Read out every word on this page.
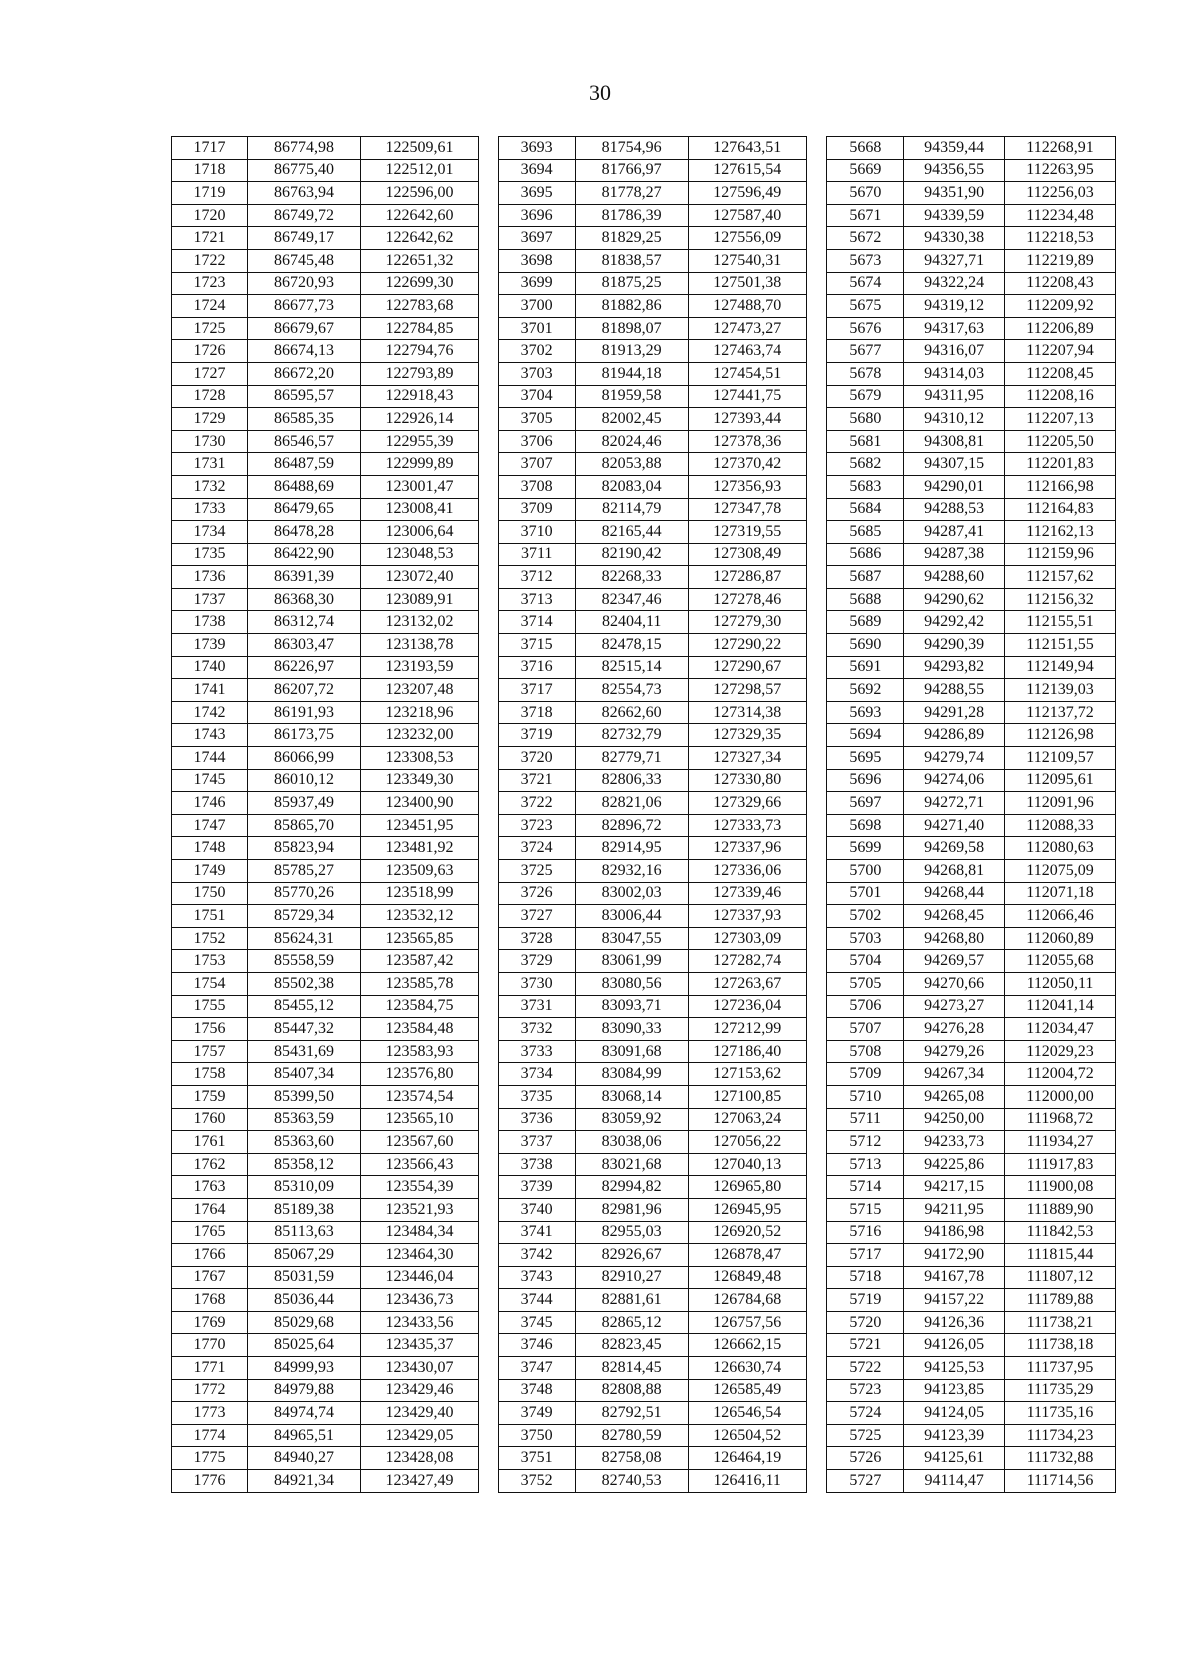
30
1717	86774,98	122509,61		3693	81754,96	127643,51		5668	94359,44	112268,91
1718	86775,40	122512,01		3694	81766,97	127615,54		5669	94356,55	112263,95
1719	86763,94	122596,00		3695	81778,27	127596,49		5670	94351,90	112256,03
1720	86749,72	122642,60		3696	81786,39	127587,40		5671	94339,59	112234,48
1721	86749,17	122642,62		3697	81829,25	127556,09		5672	94330,38	112218,53
1722	86745,48	122651,32		3698	81838,57	127540,31		5673	94327,71	112219,89
1723	86720,93	122699,30		3699	81875,25	127501,38		5674	94322,24	112208,43
1724	86677,73	122783,68		3700	81882,86	127488,70		5675	94319,12	112209,92
1725	86679,67	122784,85		3701	81898,07	127473,27		5676	94317,63	112206,89
1726	86674,13	122794,76		3702	81913,29	127463,74		5677	94316,07	112207,94
1727	86672,20	122793,89		3703	81944,18	127454,51		5678	94314,03	112208,45
1728	86595,57	122918,43		3704	81959,58	127441,75		5679	94311,95	112208,16
1729	86585,35	122926,14		3705	82002,45	127393,44		5680	94310,12	112207,13
1730	86546,57	122955,39		3706	82024,46	127378,36		5681	94308,81	112205,50
1731	86487,59	122999,89		3707	82053,88	127370,42		5682	94307,15	112201,83
1732	86488,69	123001,47		3708	82083,04	127356,93		5683	94290,01	112166,98
1733	86479,65	123008,41		3709	82114,79	127347,78		5684	94288,53	112164,83
1734	86478,28	123006,64		3710	82165,44	127319,55		5685	94287,41	112162,13
1735	86422,90	123048,53		3711	82190,42	127308,49		5686	94287,38	112159,96
1736	86391,39	123072,40		3712	82268,33	127286,87		5687	94288,60	112157,62
1737	86368,30	123089,91		3713	82347,46	127278,46		5688	94290,62	112156,32
1738	86312,74	123132,02		3714	82404,11	127279,30		5689	94292,42	112155,51
1739	86303,47	123138,78		3715	82478,15	127290,22		5690	94290,39	112151,55
1740	86226,97	123193,59		3716	82515,14	127290,67		5691	94293,82	112149,94
1741	86207,72	123207,48		3717	82554,73	127298,57		5692	94288,55	112139,03
1742	86191,93	123218,96		3718	82662,60	127314,38		5693	94291,28	112137,72
1743	86173,75	123232,00		3719	82732,79	127329,35		5694	94286,89	112126,98
1744	86066,99	123308,53		3720	82779,71	127327,34		5695	94279,74	112109,57
1745	86010,12	123349,30		3721	82806,33	127330,80		5696	94274,06	112095,61
1746	85937,49	123400,90		3722	82821,06	127329,66		5697	94272,71	112091,96
1747	85865,70	123451,95		3723	82896,72	127333,73		5698	94271,40	112088,33
1748	85823,94	123481,92		3724	82914,95	127337,96		5699	94269,58	112080,63
1749	85785,27	123509,63		3725	82932,16	127336,06		5700	94268,81	112075,09
1750	85770,26	123518,99		3726	83002,03	127339,46		5701	94268,44	112071,18
1751	85729,34	123532,12		3727	83006,44	127337,93		5702	94268,45	112066,46
1752	85624,31	123565,85		3728	83047,55	127303,09		5703	94268,80	112060,89
1753	85558,59	123587,42		3729	83061,99	127282,74		5704	94269,57	112055,68
1754	85502,38	123585,78		3730	83080,56	127263,67		5705	94270,66	112050,11
1755	85455,12	123584,75		3731	83093,71	127236,04		5706	94273,27	112041,14
1756	85447,32	123584,48		3732	83090,33	127212,99		5707	94276,28	112034,47
1757	85431,69	123583,93		3733	83091,68	127186,40		5708	94279,26	112029,23
1758	85407,34	123576,80		3734	83084,99	127153,62		5709	94267,34	112004,72
1759	85399,50	123574,54		3735	83068,14	127100,85		5710	94265,08	112000,00
1760	85363,59	123565,10		3736	83059,92	127063,24		5711	94250,00	111968,72
1761	85363,60	123567,60		3737	83038,06	127056,22		5712	94233,73	111934,27
1762	85358,12	123566,43		3738	83021,68	127040,13		5713	94225,86	111917,83
1763	85310,09	123554,39		3739	82994,82	126965,80		5714	94217,15	111900,08
1764	85189,38	123521,93		3740	82981,96	126945,95		5715	94211,95	111889,90
1765	85113,63	123484,34		3741	82955,03	126920,52		5716	94186,98	111842,53
1766	85067,29	123464,30		3742	82926,67	126878,47		5717	94172,90	111815,44
1767	85031,59	123446,04		3743	82910,27	126849,48		5718	94167,78	111807,12
1768	85036,44	123436,73		3744	82881,61	126784,68		5719	94157,22	111789,88
1769	85029,68	123433,56		3745	82865,12	126757,56		5720	94126,36	111738,21
1770	85025,64	123435,37		3746	82823,45	126662,15		5721	94126,05	111738,18
1771	84999,93	123430,07		3747	82814,45	126630,74		5722	94125,53	111737,95
1772	84979,88	123429,46		3748	82808,88	126585,49		5723	94123,85	111735,29
1773	84974,74	123429,40		3749	82792,51	126546,54		5724	94124,05	111735,16
1774	84965,51	123429,05		3750	82780,59	126504,52		5725	94123,39	111734,23
1775	84940,27	123428,08		3751	82758,08	126464,19		5726	94125,61	111732,88
1776	84921,34	123427,49		3752	82740,53	126416,11		5727	94114,47	111714,56
